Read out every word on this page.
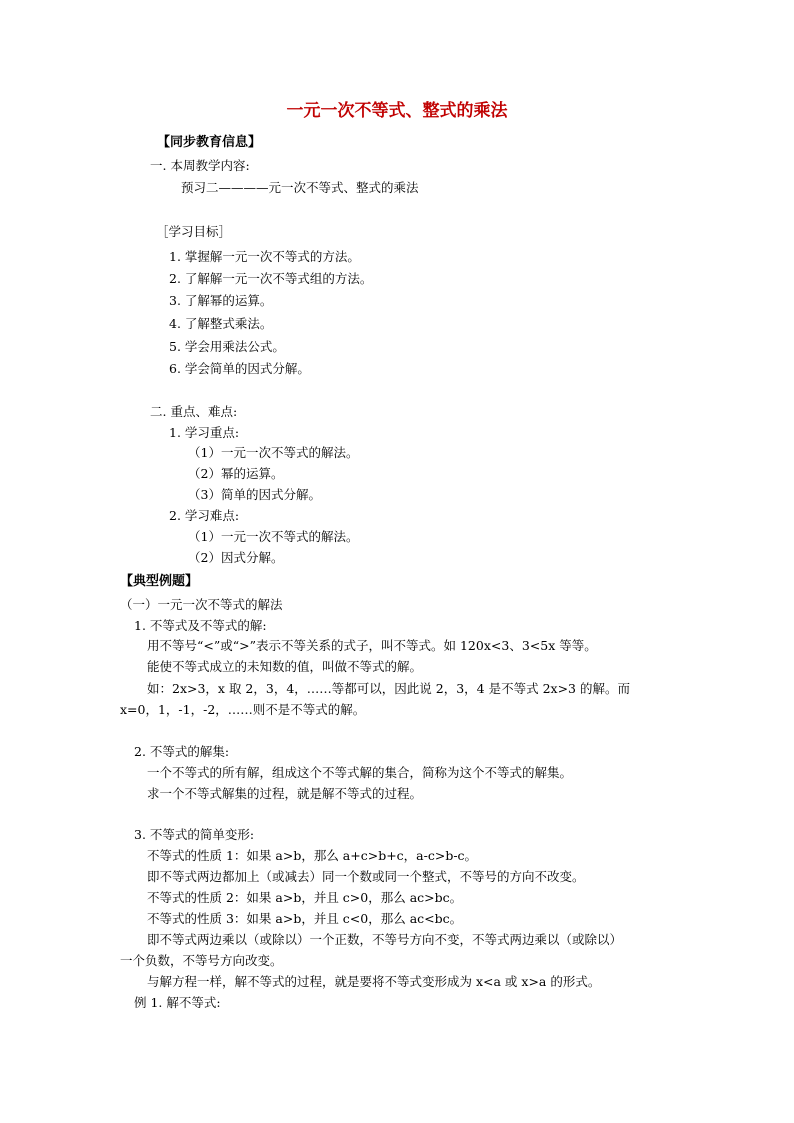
一元一次不等式、整式的乘法
【同步教育信息】
一. 本周教学内容:
预习二————元一次不等式、整式的乘法
［学习目标］
1. 掌握解一元一次不等式的方法。
2. 了解解一元一次不等式组的方法。
3. 了解幂的运算。
4. 了解整式乘法。
5. 学会用乘法公式。
6. 学会简单的因式分解。
二. 重点、难点:
1. 学习重点:
（1）一元一次不等式的解法。
（2）幂的运算。
（3）简单的因式分解。
2. 学习难点:
（1）一元一次不等式的解法。
（2）因式分解。
【典型例题】
（一）一元一次不等式的解法
1. 不等式及不等式的解:
用不等号“<”或“>”表示不等关系的式子，叫不等式。如 120x<3、3<5x 等等。
能使不等式成立的未知数的值，叫做不等式的解。
如：2x>3，x 取 2，3，4，……等都可以，因此说 2，3，4 是不等式 2x>3 的解。而
x=0，1，-1，-2，……则不是不等式的解。
2. 不等式的解集:
一个不等式的所有解，组成这个不等式解的集合，简称为这个不等式的解集。
求一个不等式解集的过程，就是解不等式的过程。
3. 不等式的简单变形:
不等式的性质 1：如果 a>b，那么 a+c>b+c，a-c>b-c。
即不等式两边都加上（或减去）同一个数或同一个整式，不等号的方向不改变。
不等式的性质 2：如果 a>b，并且 c>0，那么 ac>bc。
不等式的性质 3：如果 a>b，并且 c<0，那么 ac<bc。
即不等式两边乘以（或除以）一个正数，不等号方向不变，不等式两边乘以（或除以）
一个负数，不等号方向改变。
与解方程一样，解不等式的过程，就是要将不等式变形成为 x<a 或 x>a 的形式。
例 1. 解不等式:
